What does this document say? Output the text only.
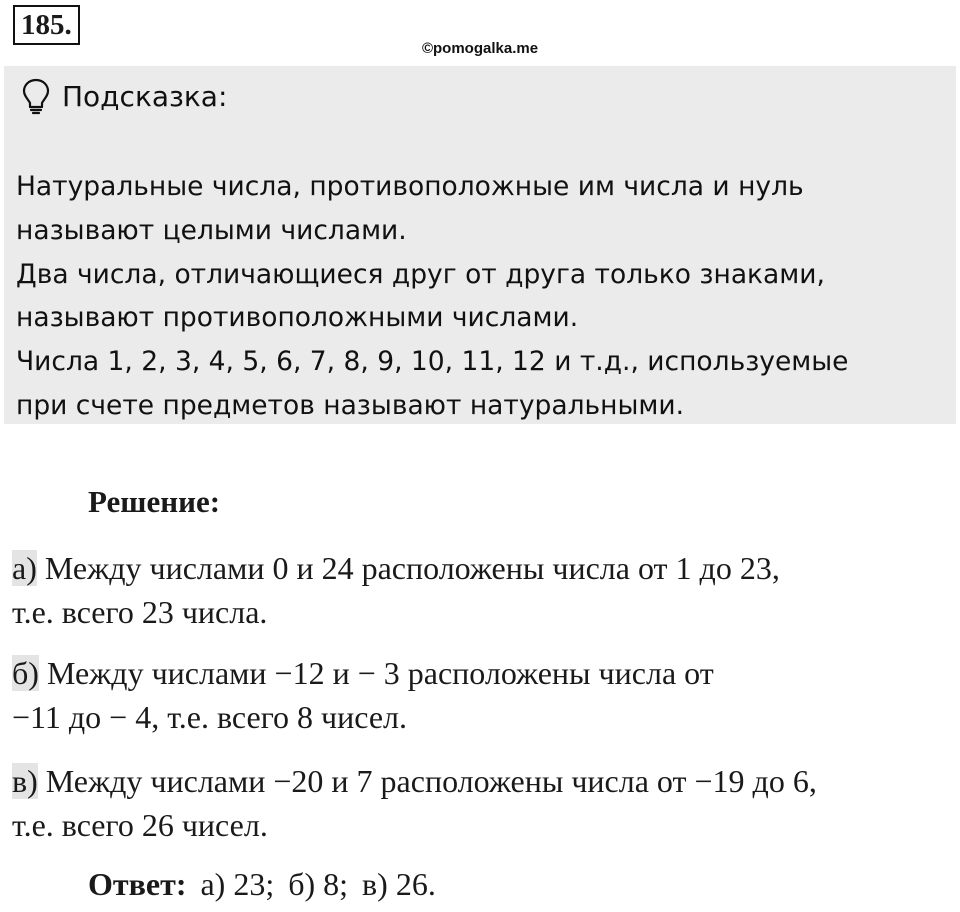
185.
©pomogalka.me
Подсказка:
Натуральные числа, противоположные им числа и нуль
называют целыми числами.
Два числа, отличающиеся друг от друга только знаками,
называют противоположными числами.
Числа 1, 2, 3, 4, 5, 6, 7, 8, 9, 10, 11, 12 и т.д., используемые
при счете предметов называют натуральными.
Решение:
а) Между числами 0 и 24 расположены числа от 1 до 23,
т.е. всего 23 числа.
б) Между числами −12 и − 3 расположены числа от
−11 до − 4, т.е. всего 8 чисел.
в) Между числами −20 и 7 расположены числа от −19 до 6,
т.е. всего 26 чисел.
Ответ: а) 23; б) 8; в) 26.
